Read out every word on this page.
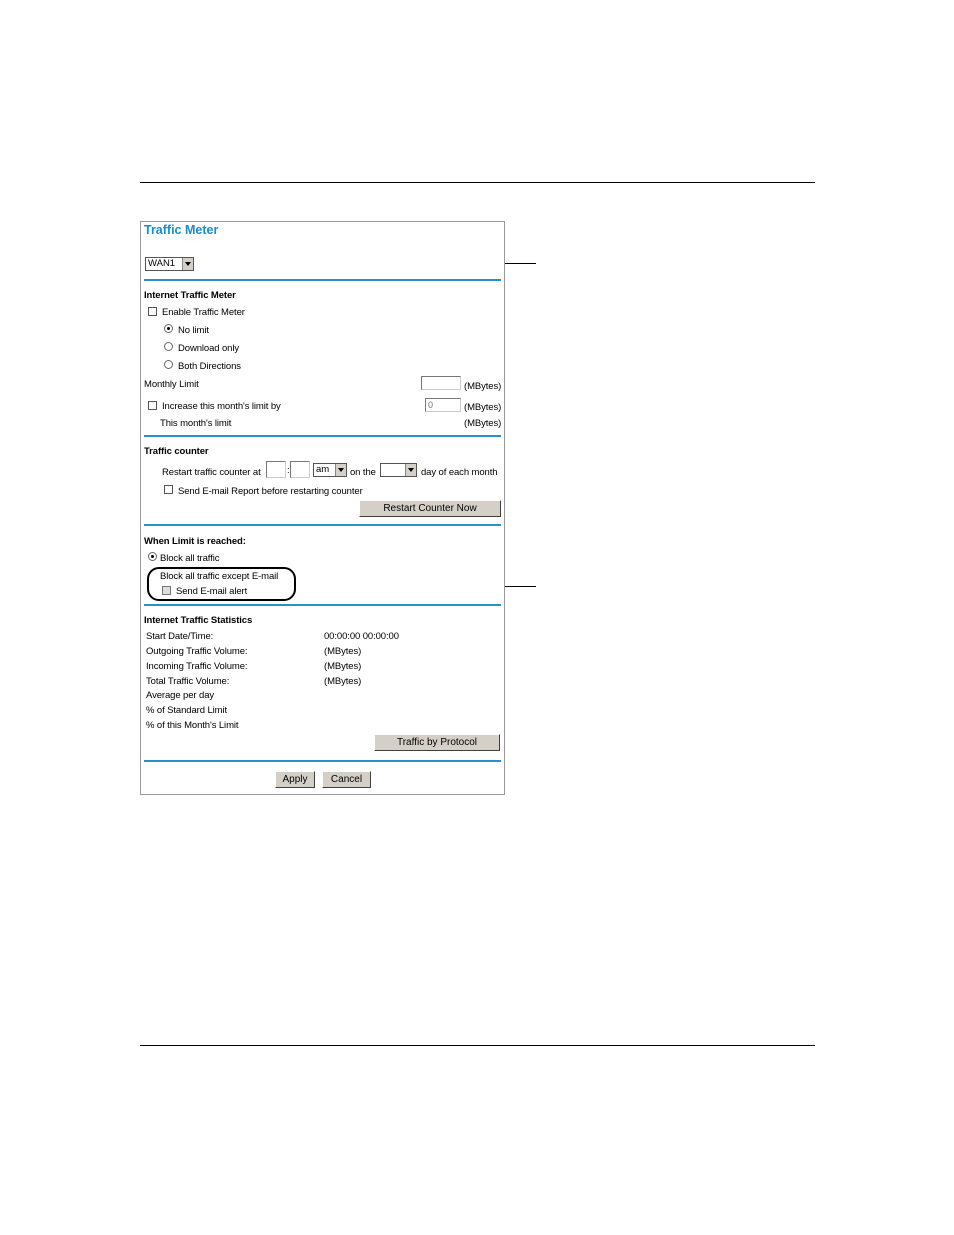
Traffic Meter
WAN1
Internet Traffic Meter
Enable Traffic Meter
No limit
Download only
Both Directions
Monthly Limit	(MBytes)
Increase this month's limit by	0	(MBytes)
This month's limit	(MBytes)
Traffic counter
Restart traffic counter at	:	am	on the	day of each month
Send E-mail Report before restarting counter
Restart Counter Now
When Limit is reached:
Block all traffic
Block all traffic except E-mail
Send E-mail alert
Internet Traffic Statistics
Start Date/Time:	00:00:00 00:00:00
Outgoing Traffic Volume:	(MBytes)
Incoming Traffic Volume:	(MBytes)
Total Traffic Volume:	(MBytes)
Average per day
% of Standard Limit
% of this Month's Limit
Traffic by Protocol
Apply	Cancel
